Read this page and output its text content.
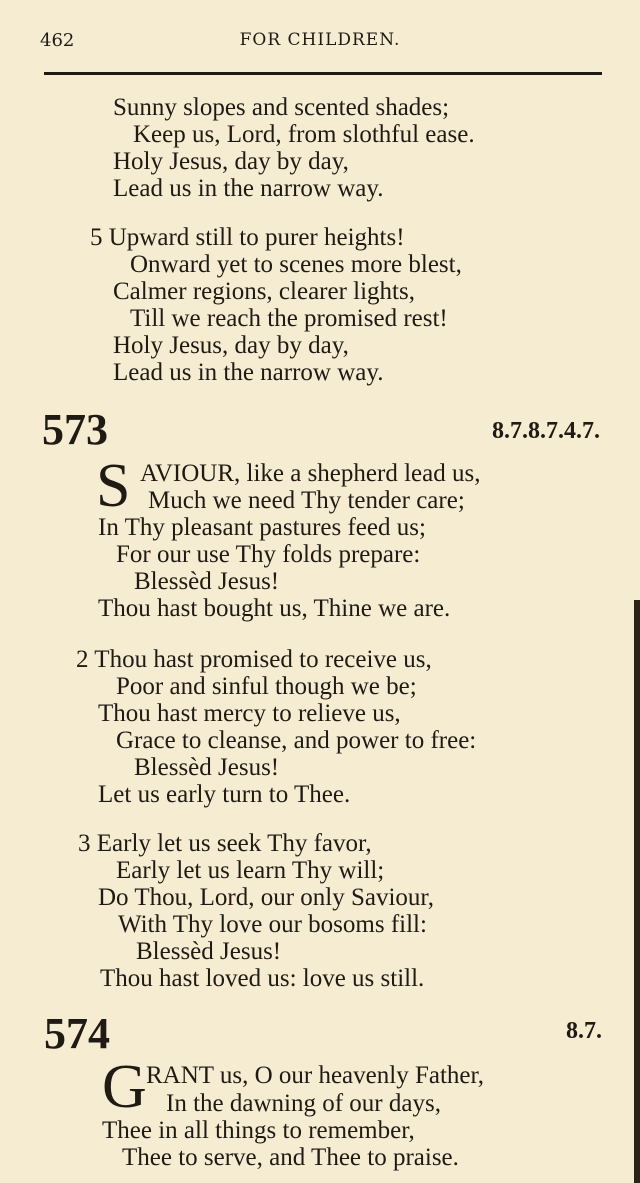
462	FOR CHILDREN.
Sunny slopes and scented shades;
Keep us, Lord, from slothful ease.
Holy Jesus, day by day,
Lead us in the narrow way.
5 Upward still to purer heights!
Onward yet to scenes more blest,
Calmer regions, clearer lights,
Till we reach the promised rest!
Holy Jesus, day by day,
Lead us in the narrow way.
573	8.7.8.7.4.7.
S AVIOUR, like a shepherd lead us,
Much we need Thy tender care;
In Thy pleasant pastures feed us;
For our use Thy folds prepare:
Blessèd Jesus!
Thou hast bought us, Thine we are.
2 Thou hast promised to receive us,
Poor and sinful though we be;
Thou hast mercy to relieve us,
Grace to cleanse, and power to free:
Blessèd Jesus!
Let us early turn to Thee.
3 Early let us seek Thy favor,
Early let us learn Thy will;
Do Thou, Lord, our only Saviour,
With Thy love our bosoms fill:
Blessèd Jesus!
Thou hast loved us: love us still.
574	8.7.
G RANT us, O our heavenly Father,
In the dawning of our days,
Thee in all things to remember,
Thee to serve, and Thee to praise.
